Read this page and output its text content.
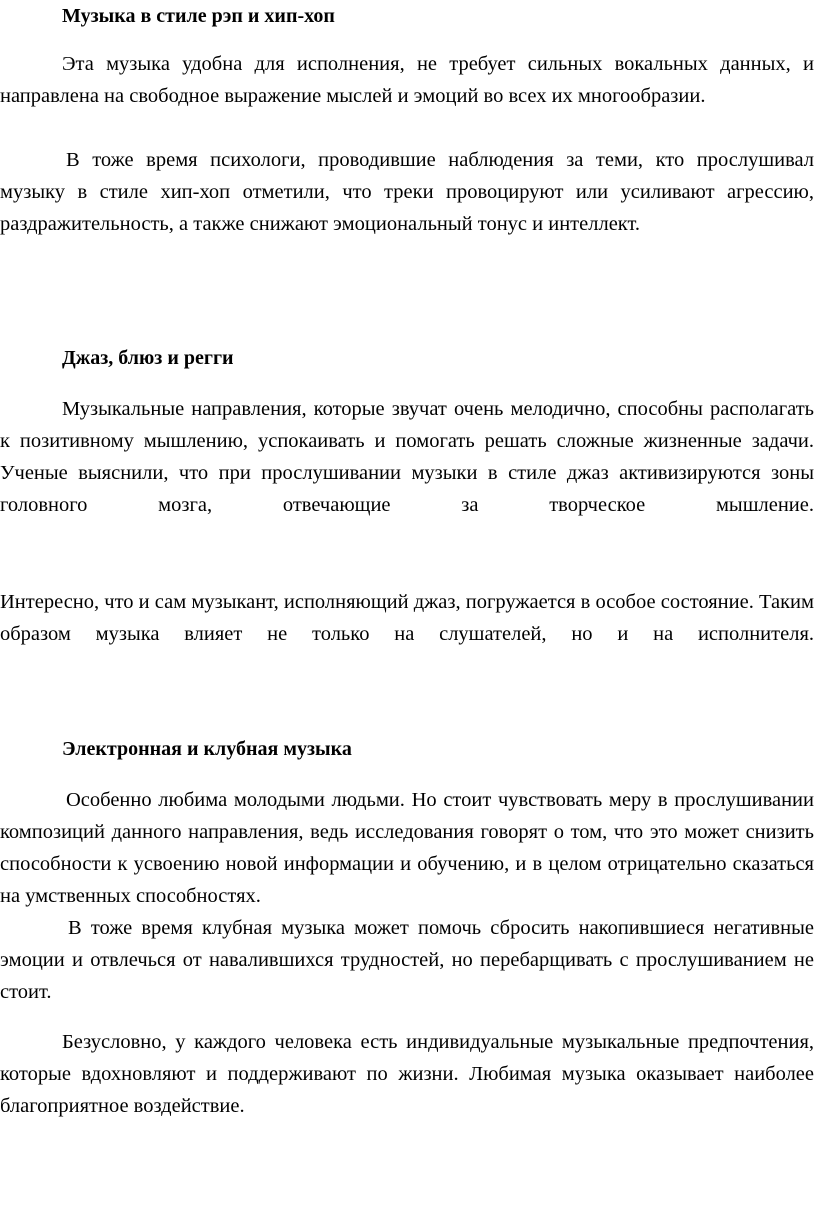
Музыка в стиле рэп и хип-хоп

Эта музыка удобна для исполнения, не требует сильных вокальных данных, и направлена на свободное выражение мыслей и эмоций во всех их многообразии.

В тоже время психологи, проводившие наблюдения за теми, кто прослушивал музыку в стиле хип-хоп отметили, что треки провоцируют или усиливают агрессию, раздражительность, а также снижают эмоциональный тонус и интеллект.

Джаз, блюз и регги

Музыкальные направления, которые звучат очень мелодично, способны располагать к позитивному мышлению, успокаивать и помогать решать сложные жизненные задачи. Ученые выяснили, что при прослушивании музыки в стиле джаз активизируются зоны головного мозга, отвечающие за творческое мышление.

Интересно, что и сам музыкант, исполняющий джаз, погружается в особое состояние. Таким образом музыка влияет не только на слушателей, но и на исполнителя.

Электронная и клубная музыка

Особенно любима молодыми людьми. Но стоит чувствовать меру в прослушивании композиций данного направления, ведь исследования говорят о том, что это может снизить способности к усвоению новой информации и обучению, и в целом отрицательно сказаться на умственных способностях.

В тоже время клубная музыка может помочь сбросить накопившиеся негативные эмоции и отвлечься от навалившихся трудностей, но перебарщивать с прослушиванием не стоит.

Безусловно, у каждого человека есть индивидуальные музыкальные предпочтения, которые вдохновляют и поддерживают по жизни. Любимая музыка оказывает наиболее благоприятное воздействие.
